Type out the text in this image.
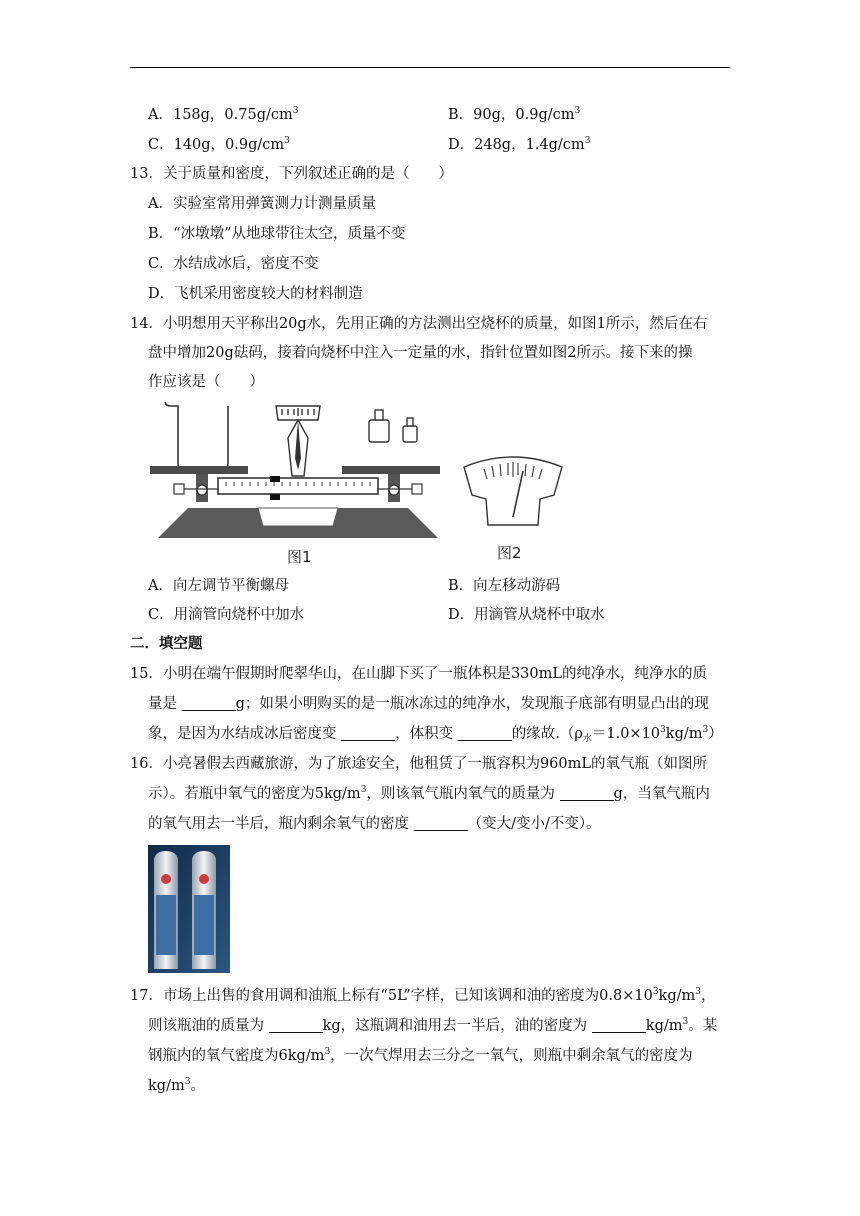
A．158g，$0.75g/cm^3$	B．90g，$0.9g/cm^3$
C．140g，$0.9g/cm^3$	D．248g，$1.4g/cm^3$
13．关于质量和密度，下列叙述正确的是（　　）
A．实验室常用弹簧测力计测量质量
B．“冰墩墩”从地球带往太空，质量不变
C．水结成冰后，密度不变
D．飞机采用密度较大的材料制造
14．小明想用天平称出20g水，先用正确的方法测出空烧杯的质量，如图1所示，然后在右
盘中增加20g砝码，接着向烧杯中注入一定量的水，指针位置如图2所示。接下来的操
作应该是（　　）
图1	图2
A．向左调节平衡螺母	B．向左移动游码
C．用滴管向烧杯中加水	D．用滴管从烧杯中取水
二．填空题
15．小明在端午假期时爬翠华山，在山脚下买了一瓶体积是330mL的纯净水，纯净水的质
量是	g；如果小明购买的是一瓶冰冻过的纯净水，发现瓶子底部有明显凸出的现
象，是因为水结成冰后密度变	，体积变	的缘故$.(\rho_水=1.0\times 10^3kg/m^3)$
16．小亮暑假去西藏旅游，为了旅途安全，他租赁了一瓶容积为960mL的氧气瓶（如图所
示）。若瓶中氧气的密度为$5kg/m^3$，则该氧气瓶内氧气的质量为	g，当氧气瓶内
的氧气用去一半后，瓶内剩余氧气的密度	（变大/变小/不变）。
17．市场上出售的食用调和油瓶上标有“5L”字样，已知该调和油的密度为$0.8\times 10^3kg/m^3$，
则该瓶油的质量为	kg，这瓶调和油用去一半后，油的密度为	$kg/m^3$。某
钢瓶内的氧气密度为$6kg/m^3$，一次气焊用去三分之一氧气，则瓶中剩余氧气的密度为
$kg/m^3$。
